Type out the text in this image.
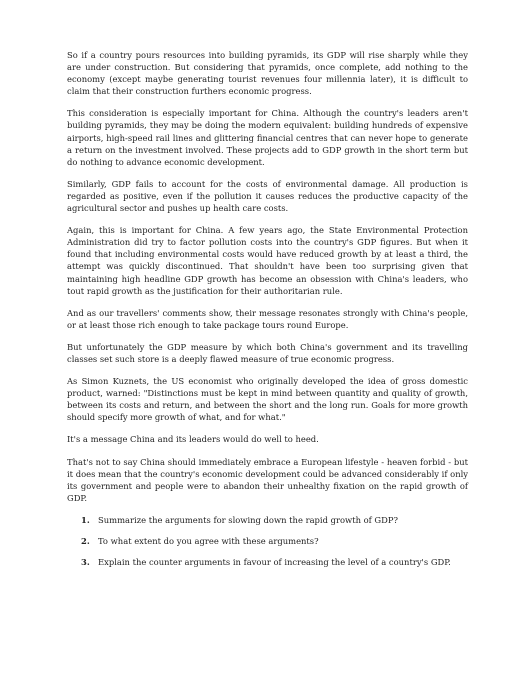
So if a country pours resources into building pyramids, its GDP will rise sharply while they are under construction. But considering that pyramids, once complete, add nothing to the economy (except maybe generating tourist revenues four millennia later), it is difficult to claim that their construction furthers economic progress.

This consideration is especially important for China. Although the country's leaders aren't building pyramids, they may be doing the modern equivalent: building hundreds of expensive airports, high-speed rail lines and glittering financial centres that can never hope to generate a return on the investment involved. These projects add to GDP growth in the short term but do nothing to advance economic development.

Similarly, GDP fails to account for the costs of environmental damage. All production is regarded as positive, even if the pollution it causes reduces the productive capacity of the agricultural sector and pushes up health care costs.

Again, this is important for China. A few years ago, the State Environmental Protection Administration did try to factor pollution costs into the country's GDP figures. But when it found that including environmental costs would have reduced growth by at least a third, the attempt was quickly discontinued. That shouldn't have been too surprising given that maintaining high headline GDP growth has become an obsession with China's leaders, who tout rapid growth as the justification for their authoritarian rule.

And as our travellers' comments show, their message resonates strongly with China's people, or at least those rich enough to take package tours round Europe.

But unfortunately the GDP measure by which both China's government and its travelling classes set such store is a deeply flawed measure of true economic progress.

As Simon Kuznets, the US economist who originally developed the idea of gross domestic product, warned: "Distinctions must be kept in mind between quantity and quality of growth, between its costs and return, and between the short and the long run. Goals for more growth should specify more growth of what, and for what."

It's a message China and its leaders would do well to heed.

That's not to say China should immediately embrace a European lifestyle - heaven forbid - but it does mean that the country's economic development could be advanced considerably if only its government and people were to abandon their unhealthy fixation on the rapid growth of GDP.

1. Summarize the arguments for slowing down the rapid growth of GDP?
2. To what extent do you agree with these arguments?
3. Explain the counter arguments in favour of increasing the level of a country's GDP.
